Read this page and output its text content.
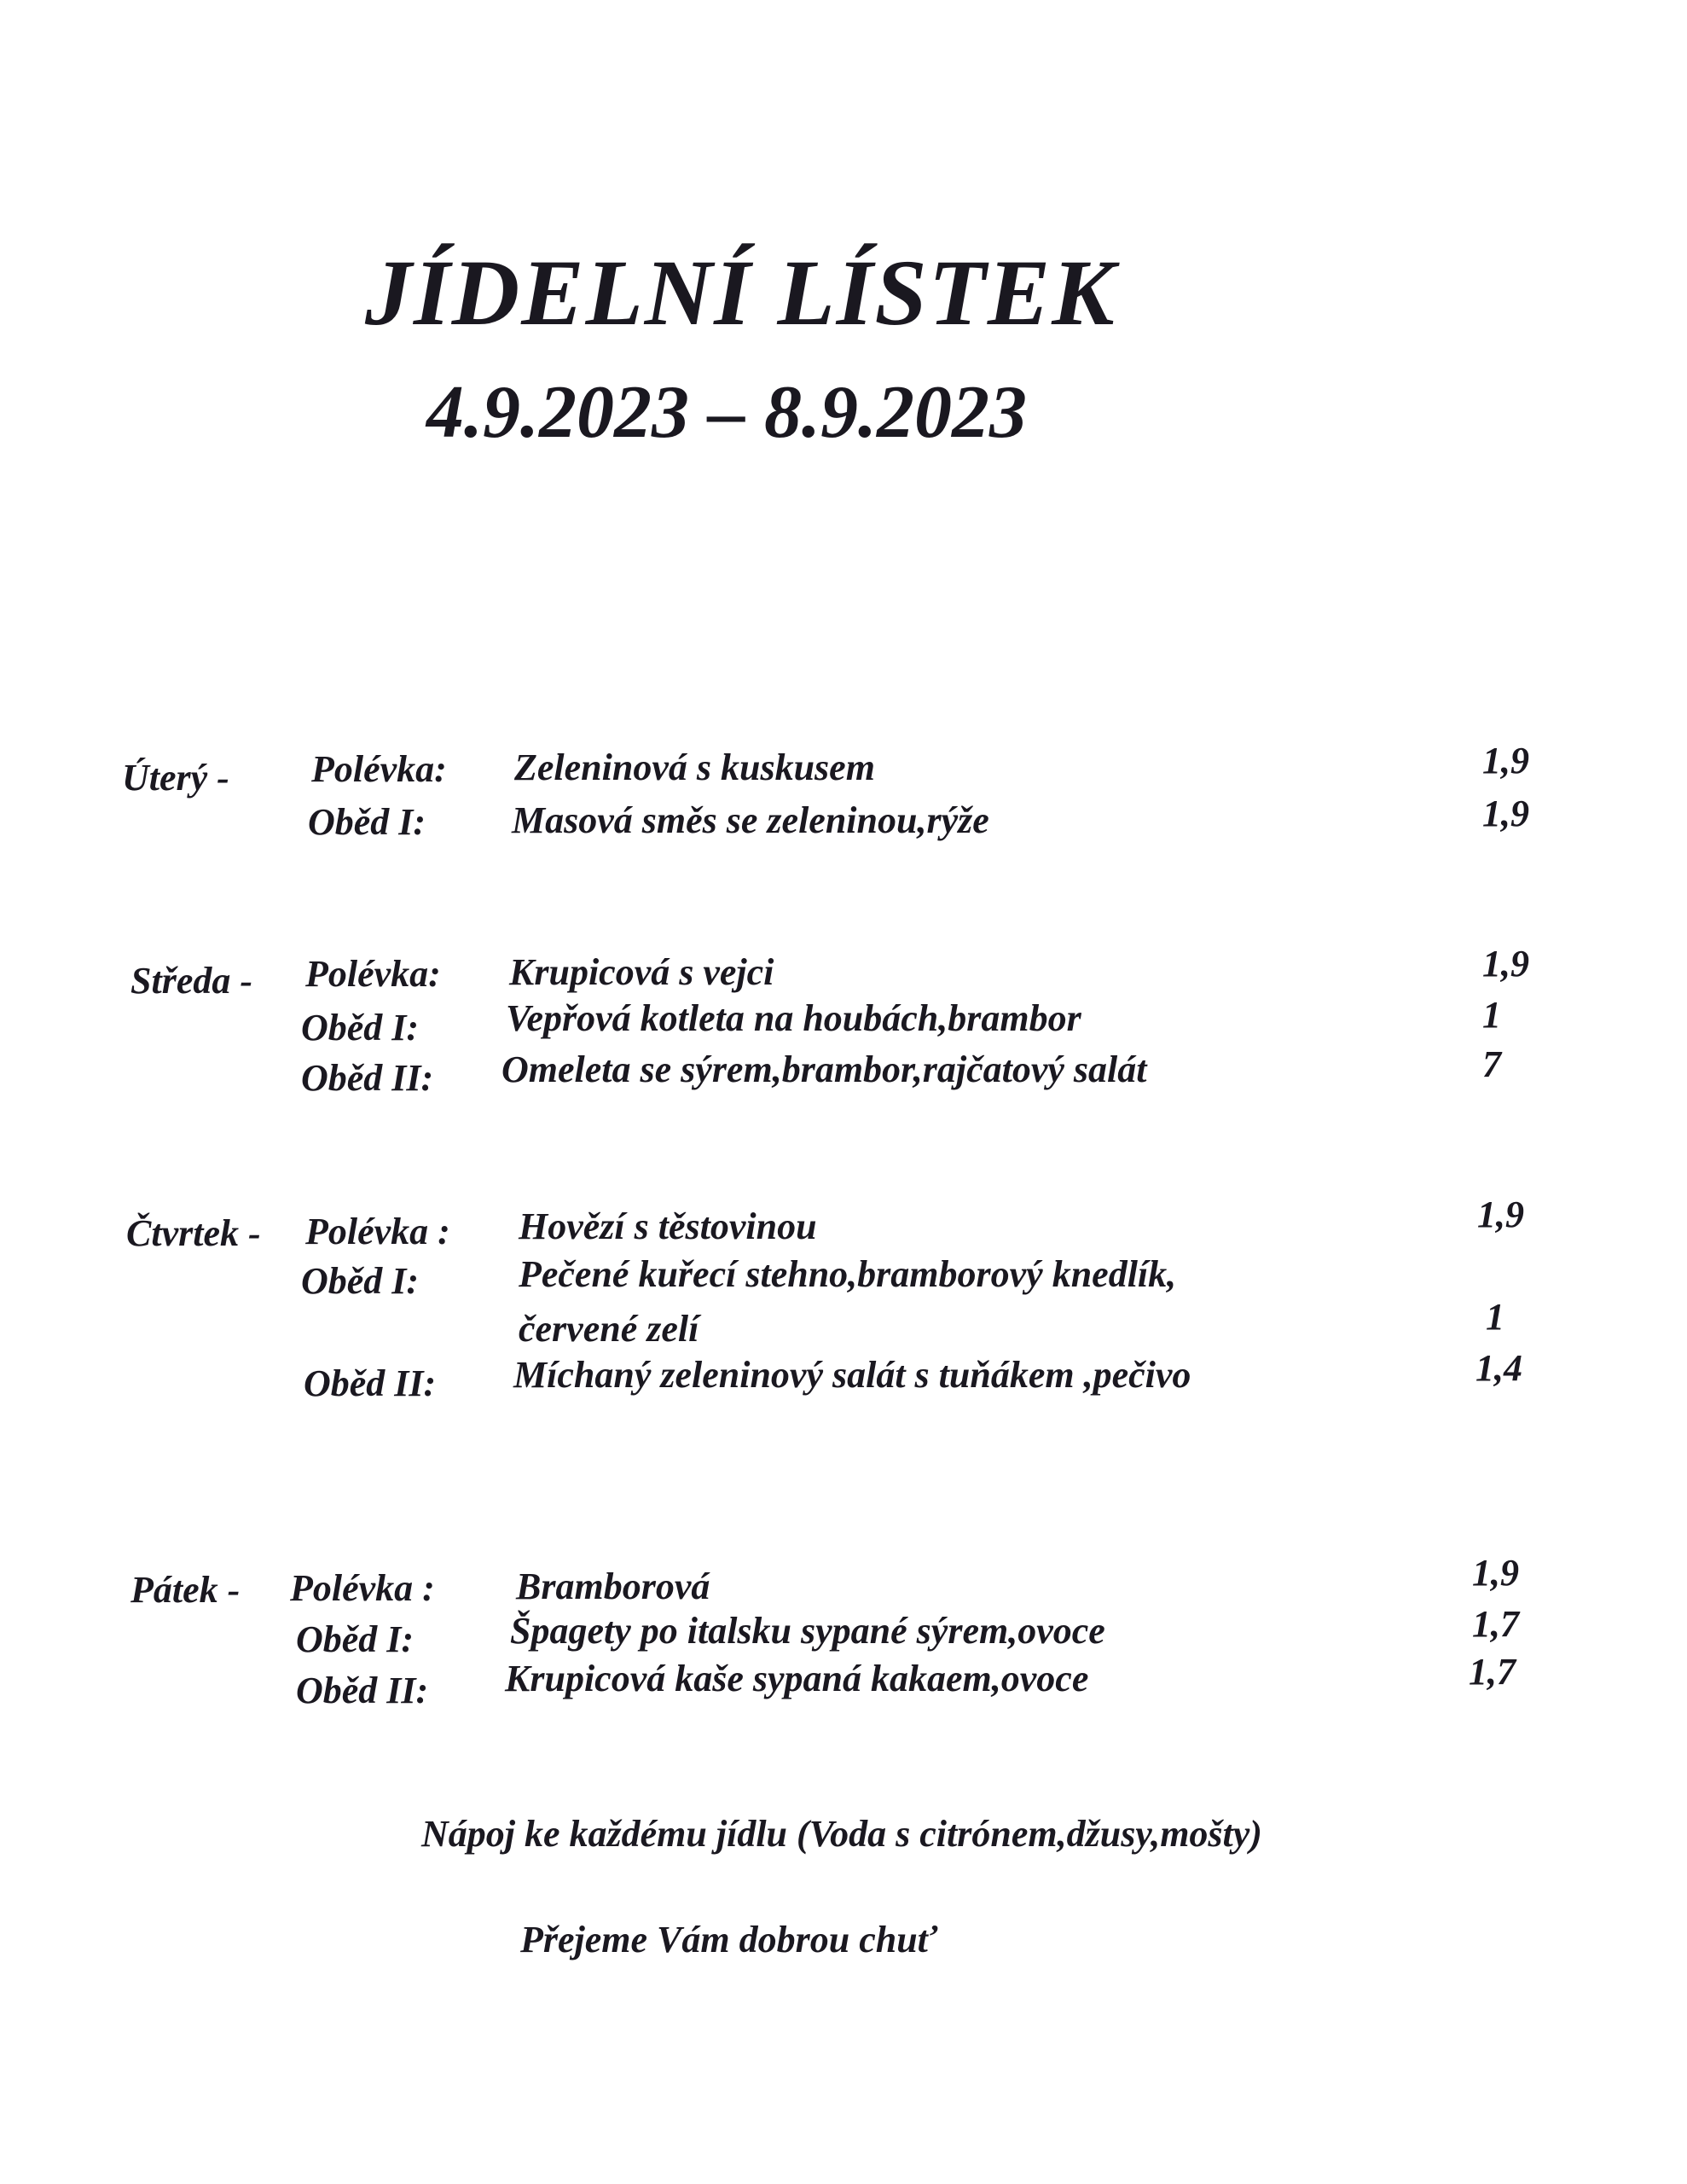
JÍDELNÍ LÍSTEK
4.9.2023 – 8.9.2023
Úterý - Polévka: Zeleninová s kuskusem	1,9
Oběd I: Masová směs se zeleninou,rýže	1,9
Středa - Polévka: Krupicová s vejci	1,9
Oběd I: Vepřová kotleta na houbách,brambor	1
Oběd II: Omeleta se sýrem,brambor,rajčatový salát	7
Čtvrtek - Polévka : Hovězí s těstovinou	1,9
Oběd I:	Pečené kuřecí stehno,bramborový knedlík,
červené zelí	1
Oběd II: Míchaný zeleninový salát s tuňákem ,pečivo	1,4
Pátek - Polévka : Bramborová	1,9
Oběd I:	Špagety po italsku sypané sýrem,ovoce	1,7
Oběd II: Krupicová kaše sypaná kakaem,ovoce	1,7
Nápoj ke každému jídlu (Voda s citrónem,džusy,mošty)
Přejeme Vám dobrou chuť
